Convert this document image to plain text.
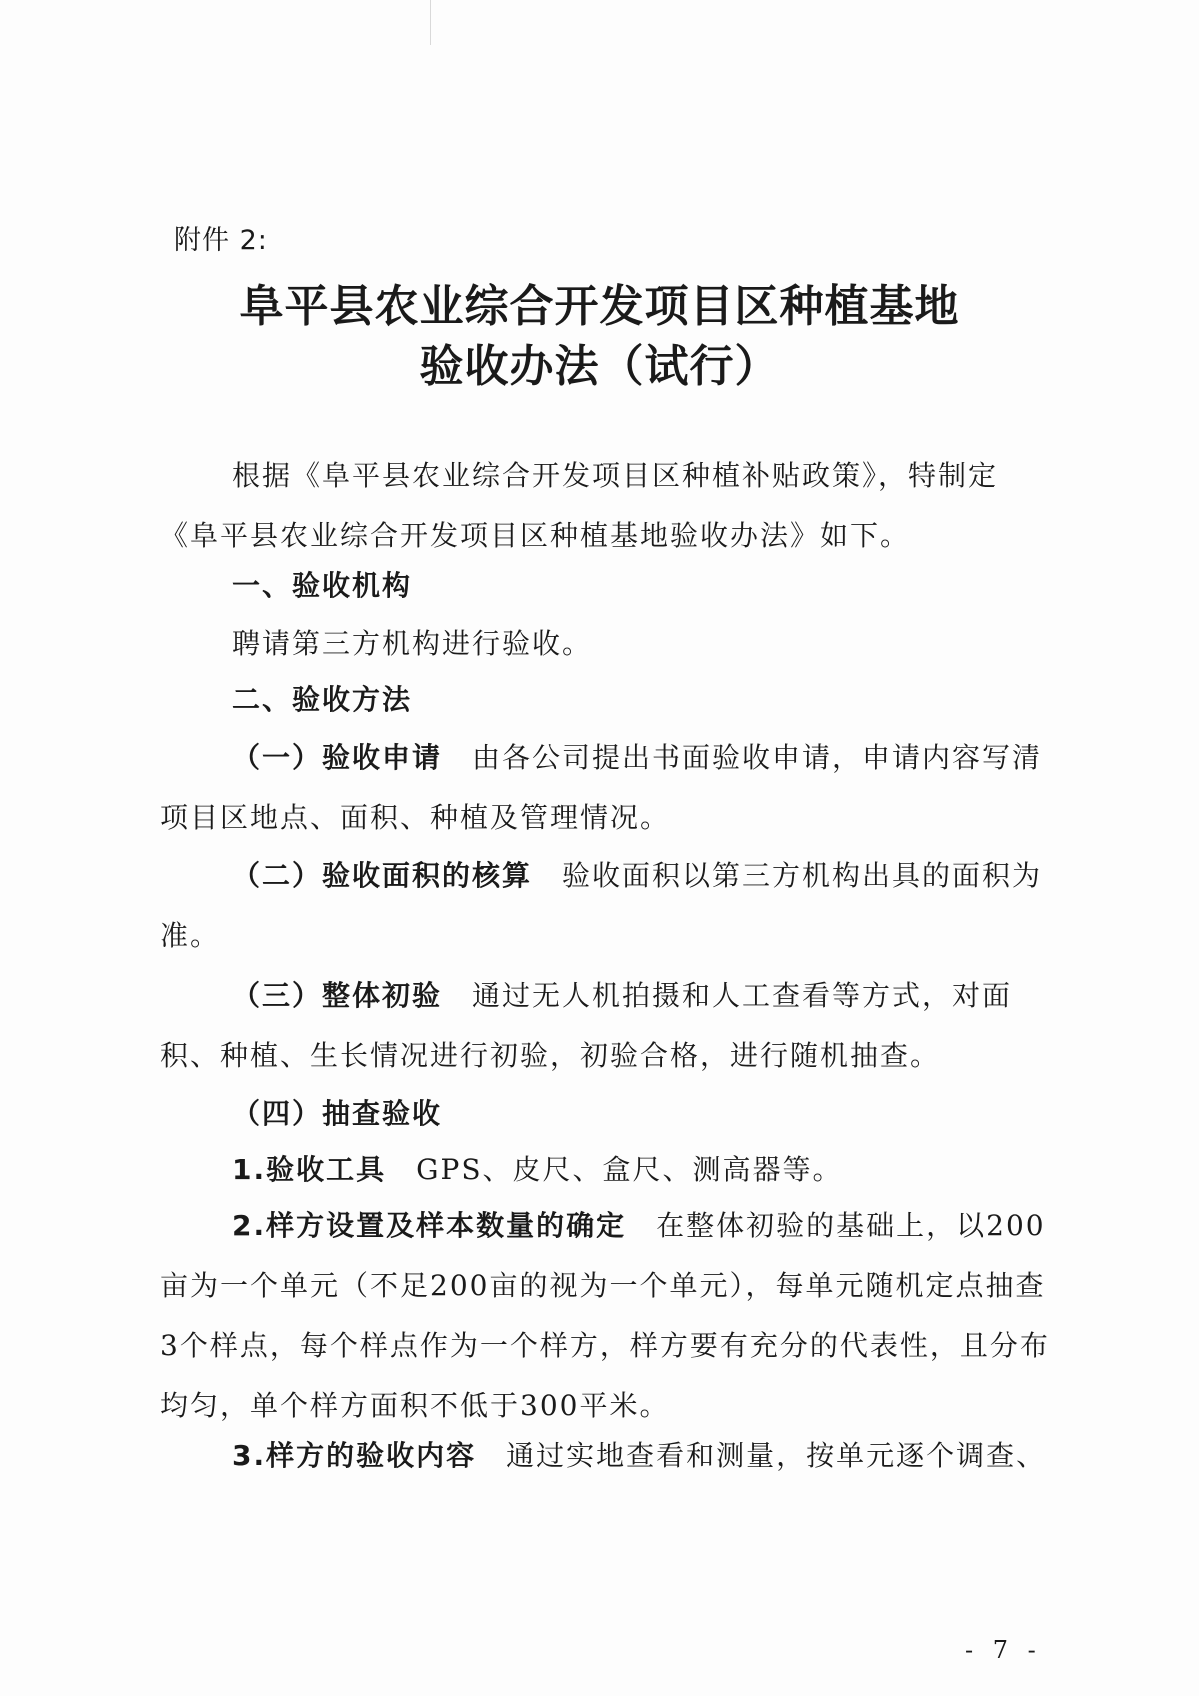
附件 2:
阜平县农业综合开发项目区种植基地
验收办法（试行）
根据《阜平县农业综合开发项目区种植补贴政策》，特制定《阜平县农业综合开发项目区种植基地验收办法》如下。
一、验收机构
聘请第三方机构进行验收。
二、验收方法
（一）验收申请 由各公司提出书面验收申请，申请内容写清项目区地点、面积、种植及管理情况。
（二）验收面积的核算 验收面积以第三方机构出具的面积为准。
（三）整体初验 通过无人机拍摄和人工查看等方式，对面积、种植、生长情况进行初验，初验合格，进行随机抽查。
（四）抽查验收
1.验收工具 GPS、皮尺、盒尺、测高器等。
2.样方设置及样本数量的确定 在整体初验的基础上，以200亩为一个单元（不足200亩的视为一个单元），每单元随机定点抽查3个样点，每个样点作为一个样方，样方要有充分的代表性，且分布均匀，单个样方面积不低于300平米。
3.样方的验收内容 通过实地查看和测量，按单元逐个调查、
- 7 -
